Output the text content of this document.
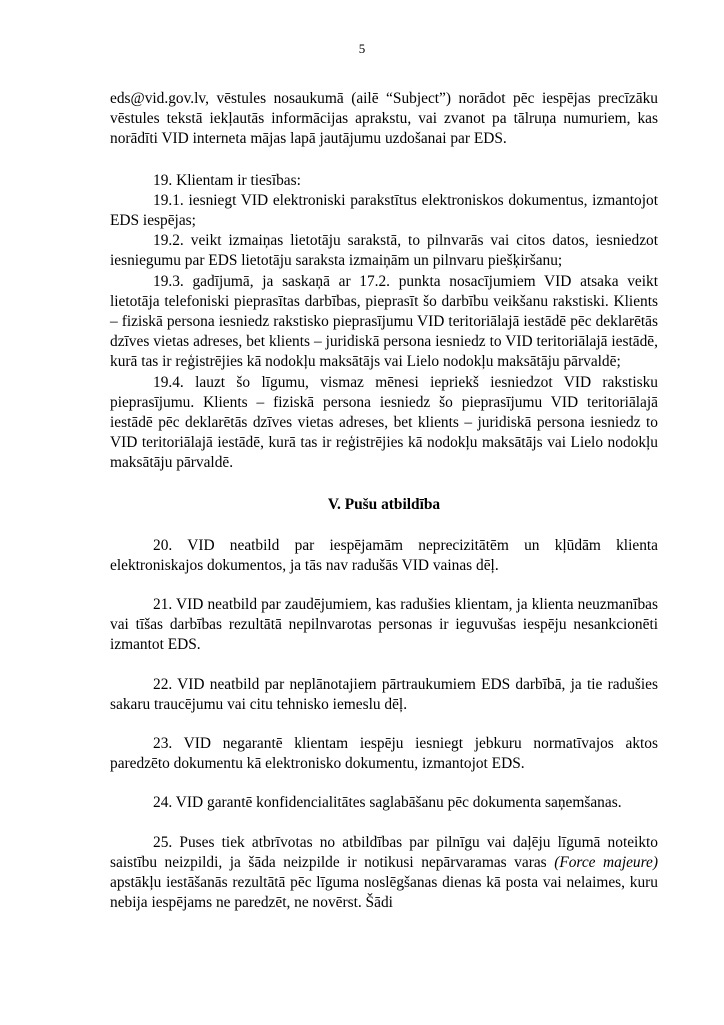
5

eds@vid.gov.lv, vēstules nosaukumā (ailē “Subject”) norādot pēc iespējas precīzāku vēstules tekstā iekļautās informācijas aprakstu, vai zvanot pa tālruņa numuriem, kas norādīti VID interneta mājas lapā jautājumu uzdošanai par EDS.

19. Klientam ir tiesības:

19.1. iesniegt VID elektroniski parakstītus elektroniskos dokumentus, izmantojot EDS iespējas;

19.2. veikt izmaiņas lietotāju sarakstā, to pilnvarās vai citos datos, iesniedzot iesniegumu par EDS lietotāju saraksta izmaiņām un pilnvaru piešķiršanu;

19.3. gadījumā, ja saskaņā ar 17.2. punkta nosacījumiem VID atsaka veikt lietotāja telefoniski pieprasītas darbības, pieprasīt šo darbību veikšanu rakstiski. Klients – fiziskā persona iesniedz rakstisko pieprasījumu VID teritoriālajā iestādē pēc deklarētās dzīves vietas adreses, bet klients – juridiskā persona iesniedz to VID teritoriālajā iestādē, kurā tas ir reģistrējies kā nodokļu maksātājs vai Lielo nodokļu maksātāju pārvaldē;

19.4. lauzt šo līgumu, vismaz mēnesi iepriekš iesniedzot VID rakstisku pieprasījumu. Klients – fiziskā persona iesniedz šo pieprasījumu VID teritoriālajā iestādē pēc deklarētās dzīves vietas adreses, bet klients – juridiskā persona iesniedz to VID teritoriālajā iestādē, kurā tas ir reģistrējies kā nodokļu maksātājs vai Lielo nodokļu maksātāju pārvaldē.

V. Pušu atbildība

20. VID neatbild par iespējamām neprecizitātēm un kļūdām klienta elektroniskajos dokumentos, ja tās nav radušās VID vainas dēļ.

21. VID neatbild par zaudējumiem, kas radušies klientam, ja klienta neuzmanības vai tīšas darbības rezultātā nepilnvarotas personas ir ieguvušas iespēju nesankcionēti izmantot EDS.

22. VID neatbild par neplānotajiem pārtraukumiem EDS darbībā, ja tie radušies sakaru traucējumu vai citu tehnisko iemeslu dēļ.

23. VID negarantē klientam iespēju iesniegt jebkuru normatīvajos aktos paredzēto dokumentu kā elektronisko dokumentu, izmantojot EDS.

24. VID garantē konfidencialitātes saglabāšanu pēc dokumenta saņemšanas.

25. Puses tiek atbrīvotas no atbildības par pilnīgu vai daļēju līgumā noteikto saistību neizpildi, ja šāda neizpilde ir notikusi nepārvaramas varas (Force majeure) apstākļu iestāšanās rezultātā pēc līguma noslēgšanas dienas kā posta vai nelaimes, kuru nebija iespējams ne paredzēt, ne novērst. Šādi
